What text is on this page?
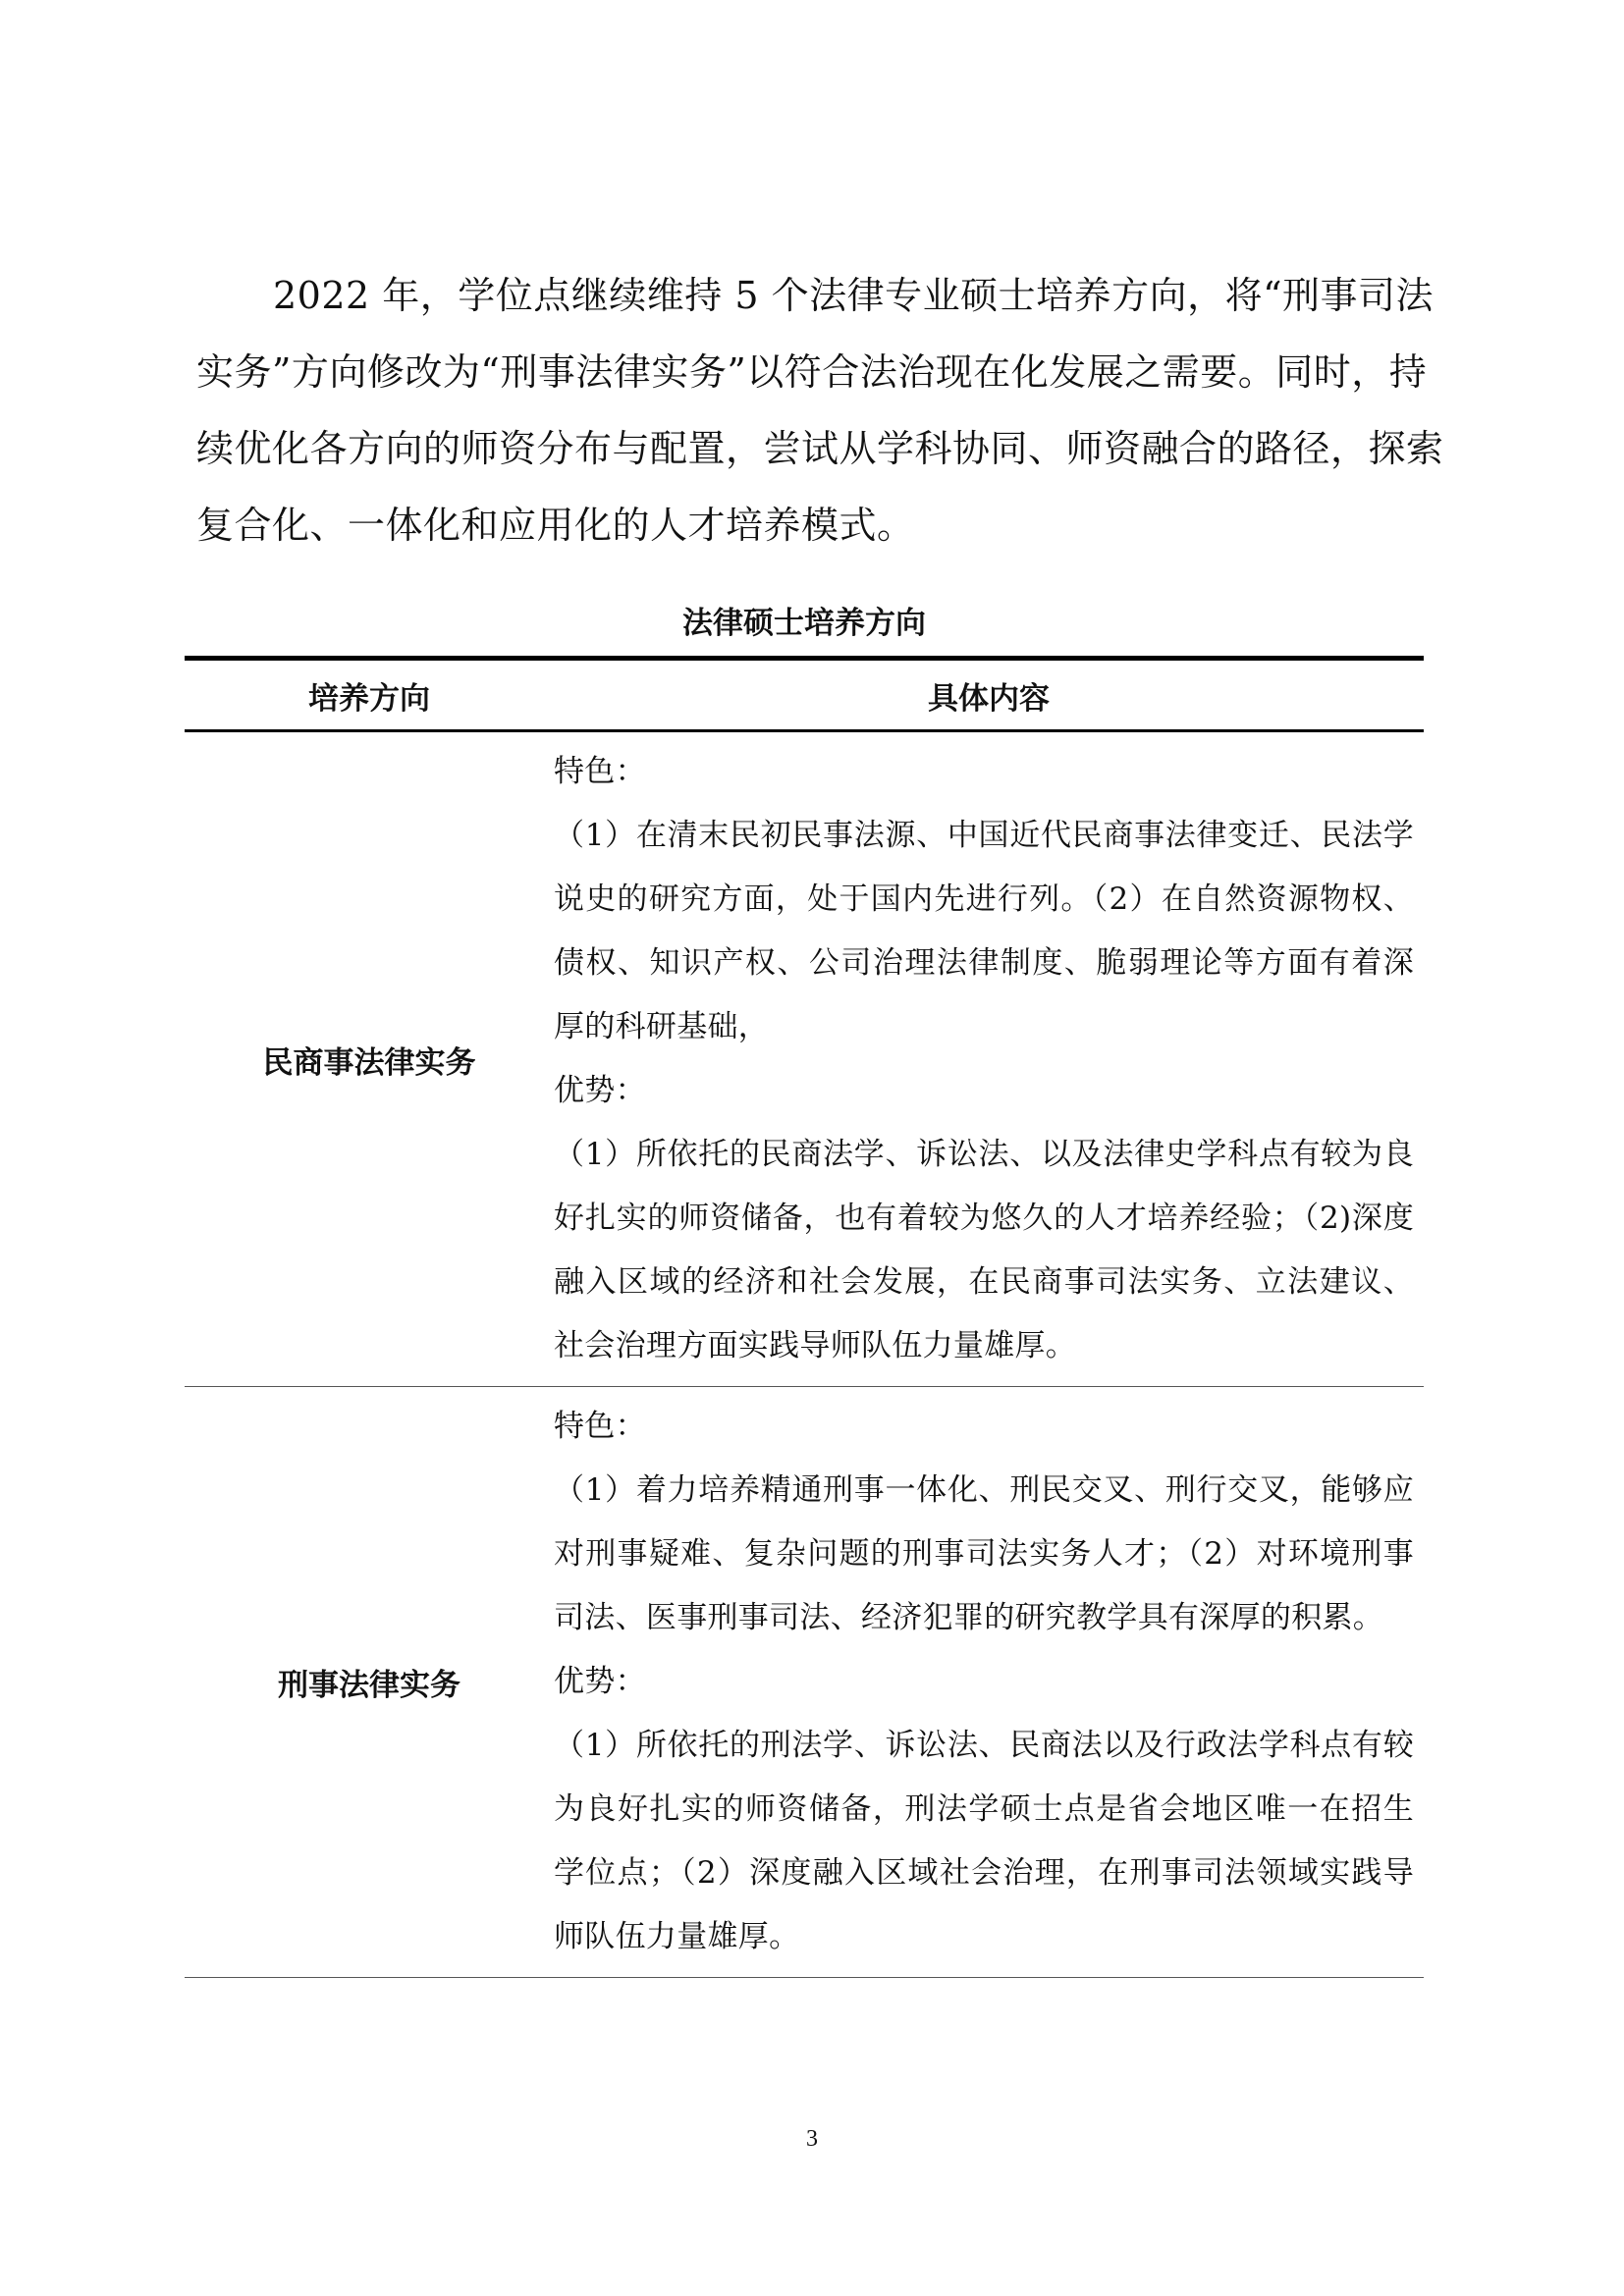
2022 年，学位点继续维持 5 个法律专业硕士培养方向，将“刑事司法实务”方向修改为“刑事法律实务”以符合法治现在化发展之需要。同时，持续优化各方向的师资分布与配置，尝试从学科协同、师资融合的路径，探索复合化、一体化和应用化的人才培养模式。

法律硕士培养方向
培养方向	具体内容
民商事法律实务	特色：

（1）在清末民初民事法源、中国近代民商事法律变迁、民法学说史的研究方面，处于国内先进行列。（2）在自然资源物权、债权、知识产权、公司治理法律制度、脆弱理论等方面有着深厚的科研基础，

优势：

（1）所依托的民商法学、诉讼法、以及法律史学科点有较为良好扎实的师资储备，也有着较为悠久的人才培养经验；（2)深度融入区域的经济和社会发展，在民商事司法实务、立法建议、社会治理方面实践导师队伍力量雄厚。

刑事法律实务	特色：

（1）着力培养精通刑事一体化、刑民交叉、刑行交叉，能够应对刑事疑难、复杂问题的刑事司法实务人才；（2）对环境刑事司法、医事刑事司法、经济犯罪的研究教学具有深厚的积累。

优势：

（1）所依托的刑法学、诉讼法、民商法以及行政法学科点有较为良好扎实的师资储备，刑法学硕士点是省会地区唯一在招生学位点；（2）深度融入区域社会治理，在刑事司法领域实践导师队伍力量雄厚。

3
